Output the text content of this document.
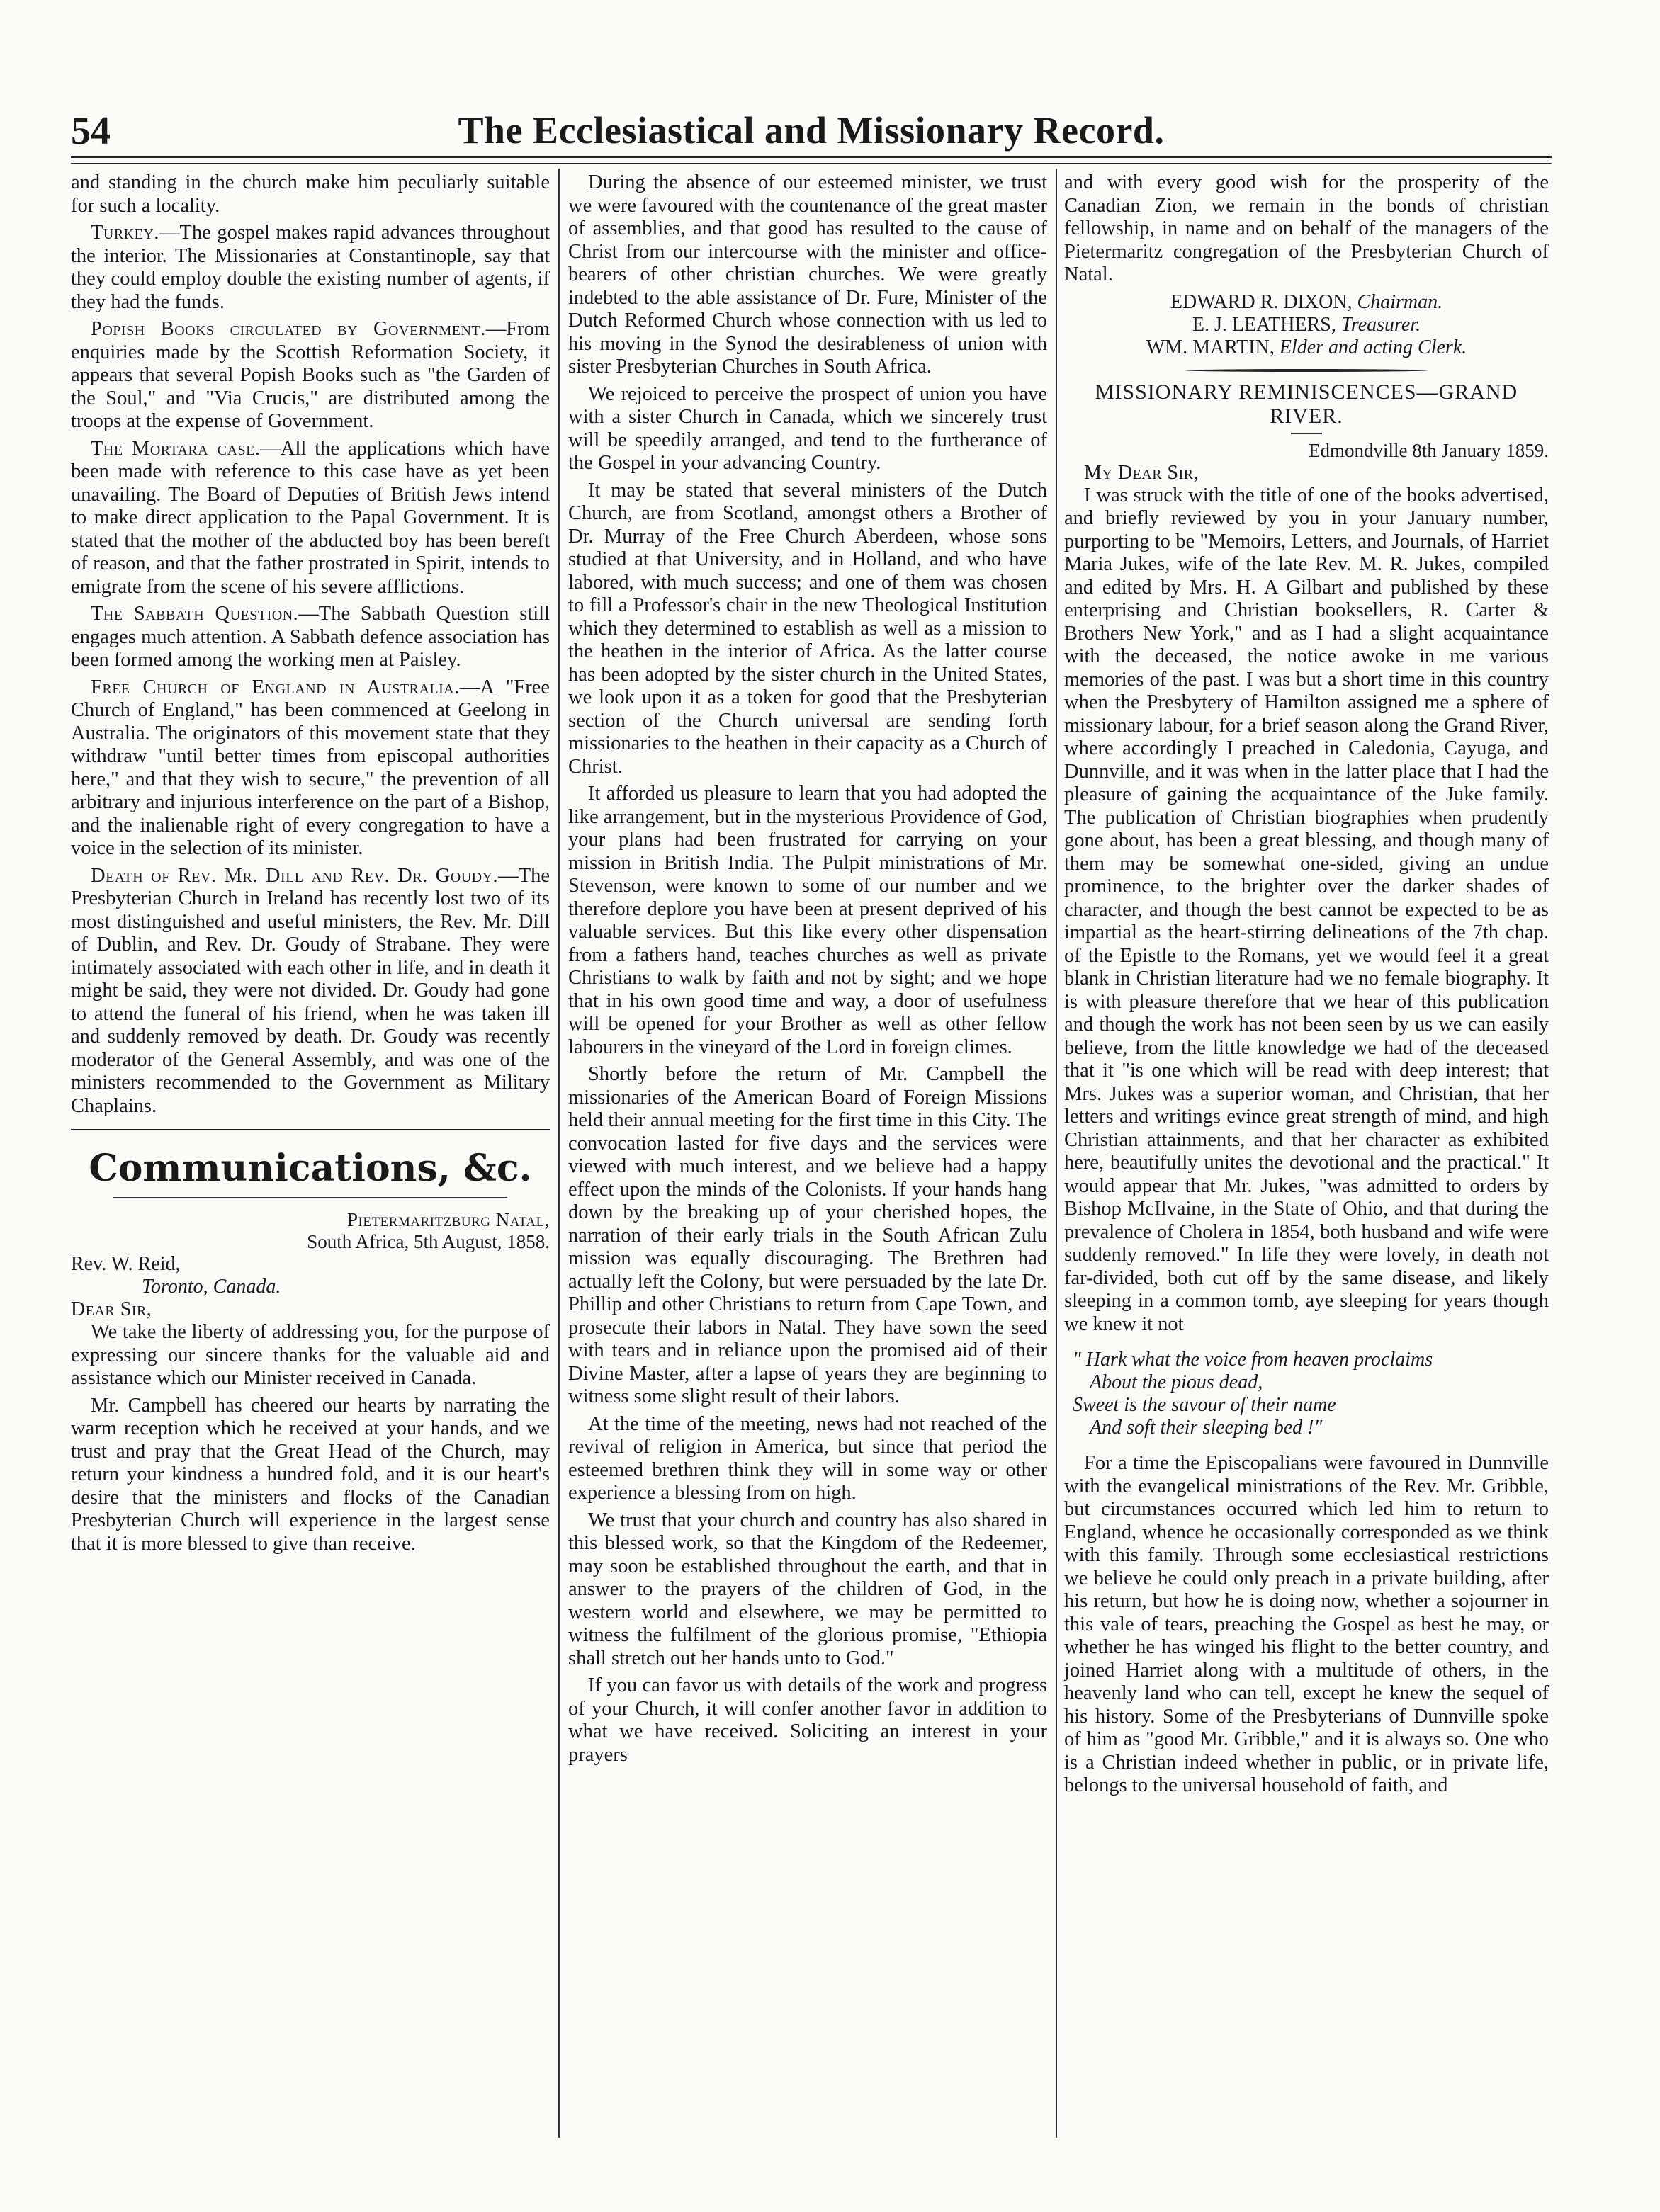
54	The Ecclesiastical and Missionary Record.

and standing in the church make him peculiarly suitable for such a locality.

Turkey.—The gospel makes rapid advances throughout the interior. The Missionaries at Constantinople, say that they could employ double the existing number of agents, if they had the funds.

Popish Books circulated by Government.—From enquiries made by the Scottish Reformation Society, it appears that several Popish Books such as "the Garden of the Soul," and "Via Crucis," are distributed among the troops at the expense of Government.

The Mortara case.—All the applications which have been made with reference to this case have as yet been unavailing. The Board of Deputies of British Jews intend to make direct application to the Papal Government. It is stated that the mother of the abducted boy has been bereft of reason, and that the father prostrated in Spirit, intends to emigrate from the scene of his severe afflictions.

The Sabbath Question.—The Sabbath Question still engages much attention. A Sabbath defence association has been formed among the working men at Paisley.

Free Church of England in Australia.—A "Free Church of England," has been commenced at Geelong in Australia. The originators of this movement state that they withdraw "until better times from episcopal authorities here," and that they wish to secure," the prevention of all arbitrary and injurious interference on the part of a Bishop, and the inalienable right of every congregation to have a voice in the selection of its minister.

Death of Rev. Mr. Dill and Rev. Dr. Goudy.—The Presbyterian Church in Ireland has recently lost two of its most distinguished and useful ministers, the Rev. Mr. Dill of Dublin, and Rev. Dr. Goudy of Strabane. They were intimately associated with each other in life, and in death it might be said, they were not divided. Dr. Goudy had gone to attend the funeral of his friend, when he was taken ill and suddenly removed by death. Dr. Goudy was recently moderator of the General Assembly, and was one of the ministers recommended to the Government as Military Chaplains.

Communications, &c.
Pietermaritzburg Natal,
South Africa, 5th August, 1858.
Rev. W. Reid,
Toronto, Canada.
Dear Sir,

We take the liberty of addressing you, for the purpose of expressing our sincere thanks for the valuable aid and assistance which our Minister received in Canada.

Mr. Campbell has cheered our hearts by narrating the warm reception which he received at your hands, and we trust and pray that the Great Head of the Church, may return your kindness a hundred fold, and it is our heart's desire that the ministers and flocks of the Canadian Presbyterian Church will experience in the largest sense that it is more blessed to give than receive.

During the absence of our esteemed minister, we trust we were favoured with the countenance of the great master of assemblies, and that good has resulted to the cause of Christ from our intercourse with the minister and office-bearers of other christian churches. We were greatly indebted to the able assistance of Dr. Fure, Minister of the Dutch Reformed Church whose connection with us led to his moving in the Synod the desirableness of union with sister Presbyterian Churches in South Africa.

We rejoiced to perceive the prospect of union you have with a sister Church in Canada, which we sincerely trust will be speedily arranged, and tend to the furtherance of the Gospel in your advancing Country.

It may be stated that several ministers of the Dutch Church, are from Scotland, amongst others a Brother of Dr. Murray of the Free Church Aberdeen, whose sons studied at that University, and in Holland, and who have labored, with much success; and one of them was chosen to fill a Professor's chair in the new Theological Institution which they determined to establish as well as a mission to the heathen in the interior of Africa. As the latter course has been adopted by the sister church in the United States, we look upon it as a token for good that the Presbyterian section of the Church universal are sending forth missionaries to the heathen in their capacity as a Church of Christ.

It afforded us pleasure to learn that you had adopted the like arrangement, but in the mysterious Providence of God, your plans had been frustrated for carrying on your mission in British India. The Pulpit ministrations of Mr. Stevenson, were known to some of our number and we therefore deplore you have been at present deprived of his valuable services. But this like every other dispensation from a fathers hand, teaches churches as well as private Christians to walk by faith and not by sight; and we hope that in his own good time and way, a door of usefulness will be opened for your Brother as well as other fellow labourers in the vineyard of the Lord in foreign climes.

Shortly before the return of Mr. Campbell the missionaries of the American Board of Foreign Missions held their annual meeting for the first time in this City. The convocation lasted for five days and the services were viewed with much interest, and we believe had a happy effect upon the minds of the Colonists. If your hands hang down by the breaking up of your cherished hopes, the narration of their early trials in the South African Zulu mission was equally discouraging. The Brethren had actually left the Colony, but were persuaded by the late Dr. Phillip and other Christians to return from Cape Town, and prosecute their labors in Natal. They have sown the seed with tears and in reliance upon the promised aid of their Divine Master, after a lapse of years they are beginning to witness some slight result of their labors.

At the time of the meeting, news had not reached of the revival of religion in America, but since that period the esteemed brethren think they will in some way or other experience a blessing from on high.

We trust that your church and country has also shared in this blessed work, so that the Kingdom of the Redeemer, may soon be established throughout the earth, and that in answer to the prayers of the children of God, in the western world and elsewhere, we may be permitted to witness the fulfilment of the glorious promise, "Ethiopia shall stretch out her hands unto to God."

If you can favor us with details of the work and progress of your Church, it will confer another favor in addition to what we have received. Soliciting an interest in your prayers

and with every good wish for the prosperity of the Canadian Zion, we remain in the bonds of christian fellowship, in name and on behalf of the managers of the Pietermaritz congregation of the Presbyterian Church of Natal.

EDWARD R. DIXON, Chairman.
E. J. LEATHERS, Treasurer.
WM. MARTIN, Elder and acting Clerk.
MISSIONARY REMINISCENCES—GRAND
RIVER.
Edmondville 8th January 1859.
My Dear Sir,

I was struck with the title of one of the books advertised, and briefly reviewed by you in your January number, purporting to be "Memoirs, Letters, and Journals, of Harriet Maria Jukes, wife of the late Rev. M. R. Jukes, compiled and edited by Mrs. H. A Gilbart and published by these enterprising and Christian booksellers, R. Carter & Brothers New York," and as I had a slight acquaintance with the deceased, the notice awoke in me various memories of the past. I was but a short time in this country when the Presbytery of Hamilton assigned me a sphere of missionary labour, for a brief season along the Grand River, where accordingly I preached in Caledonia, Cayuga, and Dunnville, and it was when in the latter place that I had the pleasure of gaining the acquaintance of the Juke family. The publication of Christian biographies when prudently gone about, has been a great blessing, and though many of them may be somewhat one-sided, giving an undue prominence, to the brighter over the darker shades of character, and though the best cannot be expected to be as impartial as the heart-stirring delineations of the 7th chap. of the Epistle to the Romans, yet we would feel it a great blank in Christian literature had we no female biography. It is with pleasure therefore that we hear of this publication and though the work has not been seen by us we can easily believe, from the little knowledge we had of the deceased that it "is one which will be read with deep interest; that Mrs. Jukes was a superior woman, and Christian, that her letters and writings evince great strength of mind, and high Christian attainments, and that her character as exhibited here, beautifully unites the devotional and the practical." It would appear that Mr. Jukes, "was admitted to orders by Bishop McIlvaine, in the State of Ohio, and that during the prevalence of Cholera in 1854, both husband and wife were suddenly removed." In life they were lovely, in death not far-divided, both cut off by the same disease, and likely sleeping in a common tomb, aye sleeping for years though we knew it not

" Hark what the voice from heaven proclaims
About the pious dead,
Sweet is the savour of their name
And soft their sleeping bed !"

For a time the Episcopalians were favoured in Dunnville with the evangelical ministrations of the Rev. Mr. Gribble, but circumstances occurred which led him to return to England, whence he occasionally corresponded as we think with this family. Through some ecclesiastical restrictions we believe he could only preach in a private building, after his return, but how he is doing now, whether a sojourner in this vale of tears, preaching the Gospel as best he may, or whether he has winged his flight to the better country, and joined Harriet along with a multitude of others, in the heavenly land who can tell, except he knew the sequel of his history. Some of the Presbyterians of Dunnville spoke of him as "good Mr. Gribble," and it is always so. One who is a Christian indeed whether in public, or in private life, belongs to the universal household of faith, and
